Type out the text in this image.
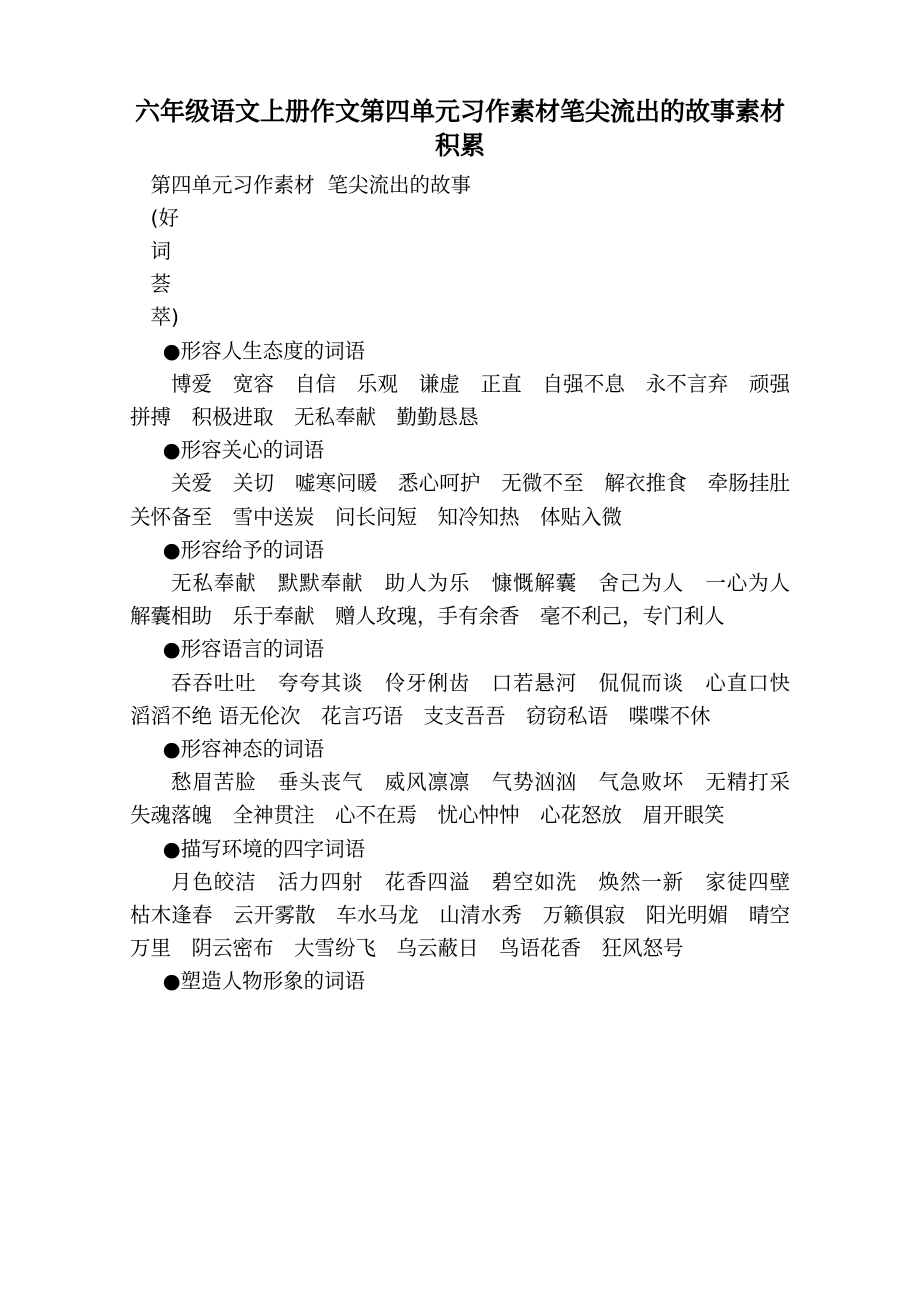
六年级语文上册作文第四单元习作素材笔尖流出的故事素材积累

第四单元习作素材  笔尖流出的故事

(好

词

荟

萃)

●形容人生态度的词语

博爱　宽容　自信　乐观　谦虚　正直　自强不息　永不言弃　顽强拼搏　积极进取　无私奉献　勤勤恳恳

●形容关心的词语

关爱　关切　嘘寒问暖　悉心呵护　无微不至　解衣推食　牵肠挂肚　关怀备至　雪中送炭　问长问短　知冷知热　体贴入微

●形容给予的词语

无私奉献　默默奉献　助人为乐　慷慨解囊　舍己为人　一心为人　解囊相助　乐于奉献　赠人玫瑰，手有余香　毫不利己，专门利人

●形容语言的词语

吞吞吐吐　夸夸其谈　伶牙俐齿　口若悬河　侃侃而谈　心直口快　滔滔不绝 语无伦次　花言巧语　支支吾吾　窃窃私语　喋喋不休

●形容神态的词语

愁眉苦脸　垂头丧气　威风凛凛　气势汹汹　气急败坏　无精打采　失魂落魄　全神贯注　心不在焉　忧心忡忡　心花怒放　眉开眼笑

●描写环境的四字词语

月色皎洁　活力四射　花香四溢　碧空如洗　焕然一新　家徒四壁　枯木逢春　云开雾散　车水马龙　山清水秀　万籁俱寂　阳光明媚　晴空万里　阴云密布　大雪纷飞　乌云蔽日　鸟语花香　狂风怒号

●塑造人物形象的词语
